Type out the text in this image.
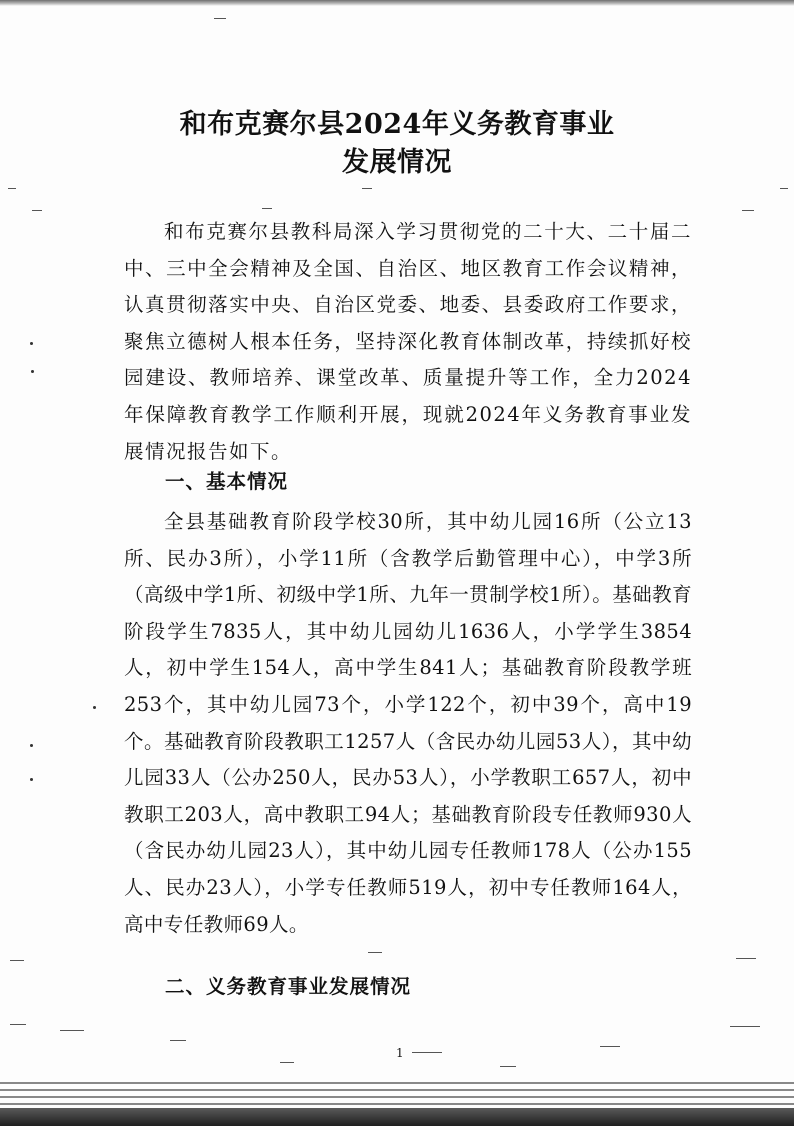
和布克赛尔县2024年义务教育事业
发展情况

和布克赛尔县教科局深入学习贯彻党的二十大、二十届二中、三中全会精神及全国、自治区、地区教育工作会议精神，认真贯彻落实中央、自治区党委、地委、县委政府工作要求，聚焦立德树人根本任务，坚持深化教育体制改革，持续抓好校园建设、教师培养、课堂改革、质量提升等工作，全力2024年保障教育教学工作顺利开展，现就2024年义务教育事业发展情况报告如下。

一、基本情况

全县基础教育阶段学校30所，其中幼儿园16所（公立13所、民办3所），小学11所（含教学后勤管理中心），中学3所（高级中学1所、初级中学1所、九年一贯制学校1所）。基础教育阶段学生7835人，其中幼儿园幼儿1636人，小学学生3854人，初中学生154人，高中学生841人；基础教育阶段教学班253个，其中幼儿园73个，小学122个，初中39个，高中19个。基础教育阶段教职工1257人（含民办幼儿园53人），其中幼儿园33人（公办250人，民办53人），小学教职工657人，初中教职工203人，高中教职工94人；基础教育阶段专任教师930人（含民办幼儿园23人），其中幼儿园专任教师178人（公办155人、民办23人），小学专任教师519人，初中专任教师164人，高中专任教师69人。

二、义务教育事业发展情况
1
